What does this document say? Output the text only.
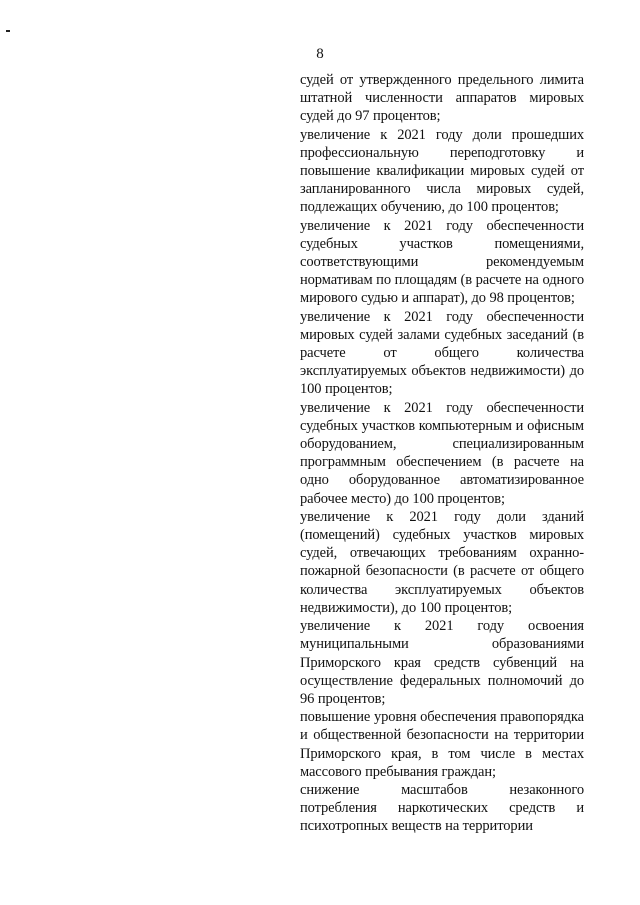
8

судей от утвержденного предельного лимита штатной численности аппаратов мировых судей до 97 процентов;

увеличение к 2021 году доли прошедших профессиональную переподготовку и повышение квалификации мировых судей от запланированного числа мировых судей, подлежащих обучению, до 100 процентов;

увеличение к 2021 году обеспеченности судебных участков помещениями, соответствующими рекомендуемым нормативам по площадям (в расчете на одного мирового судью и аппарат), до 98 процентов;

увеличение к 2021 году обеспеченности мировых судей залами судебных заседаний (в расчете от общего количества эксплуатируемых объектов недвижимости) до 100 процентов;

увеличение к 2021 году обеспеченности судебных участков компьютерным и офисным оборудованием, специализированным программным обеспечением (в расчете на одно оборудованное автоматизированное рабочее место) до 100 процентов;

увеличение к 2021 году доли зданий (помещений) судебных участков мировых судей, отвечающих требованиям охранно-пожарной безопасности (в расчете от общего количества эксплуатируемых объектов недвижимости), до 100 процентов;

увеличение к 2021 году освоения муниципальными образованиями Приморского края средств субвенций на осуществление федеральных полномочий до 96 процентов;

повышение уровня обеспечения правопорядка и общественной безопасности на территории Приморского края, в том числе в местах массового пребывания граждан;

снижение масштабов незаконного потребления наркотических средств и психотропных веществ на территории
